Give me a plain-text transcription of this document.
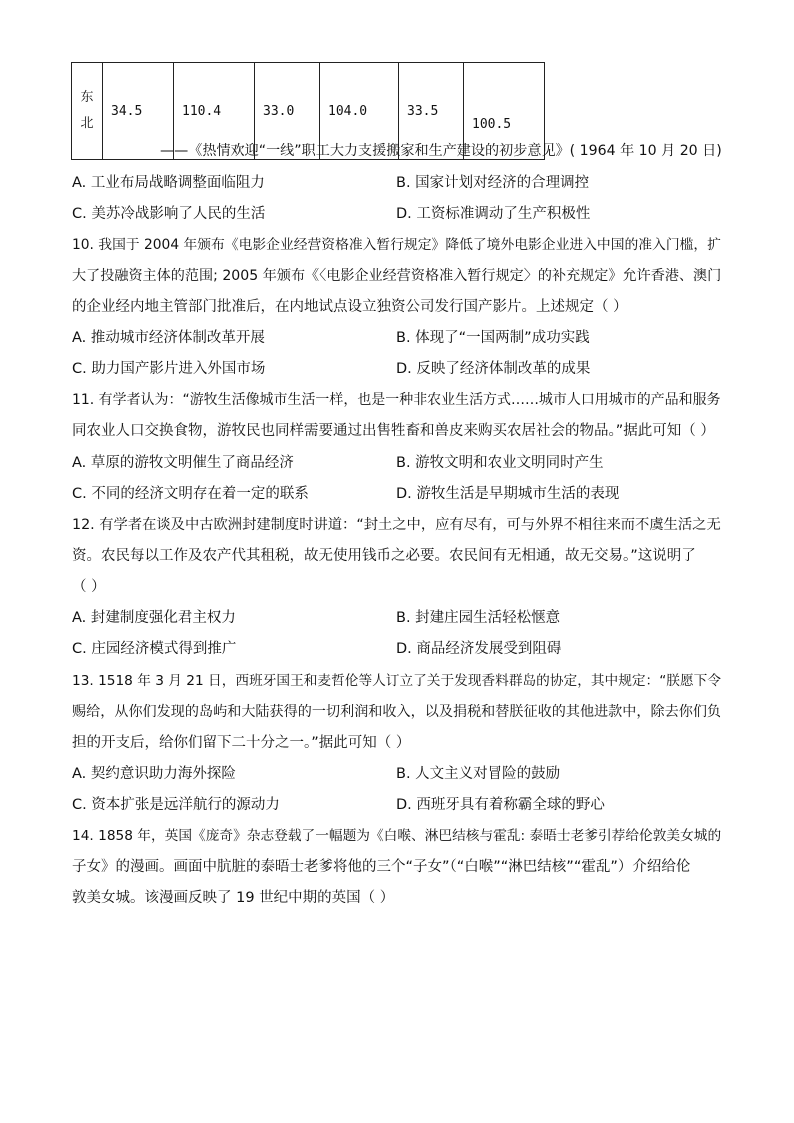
东
北	34.5	110.4	33.0	104.0	33.5	100.5
——《热情欢迎“一线”职工大力支援搬家和生产建设的初步意见》( 1964 年 10 月 20 日)
A. 工业布局战略调整面临阻力	B. 国家计划对经济的合理调控
C. 美苏冷战影响了人民的生活	D. 工资标准调动了生产积极性
10. 我国于 2004 年颁布《电影企业经营资格准入暂行规定》降低了境外电影企业进入中国的准入门槛，扩
大了投融资主体的范围; 2005 年颁布《〈电影企业经营资格准入暂行规定〉的补充规定》允许香港、澳门
的企业经内地主管部门批准后，在内地试点设立独资公司发行国产影片。上述规定（ ）
A. 推动城市经济体制改革开展	B. 体现了“一国两制”成功实践
C. 助力国产影片进入外国市场	D. 反映了经济体制改革的成果
11. 有学者认为：“游牧生活像城市生活一样，也是一种非农业生活方式……城市人口用城市的产品和服务
同农业人口交换食物，游牧民也同样需要通过出售牲畜和兽皮来购买农居社会的物品。”据此可知（ ）
A. 草原的游牧文明催生了商品经济	B. 游牧文明和农业文明同时产生
C. 不同的经济文明存在着一定的联系	D. 游牧生活是早期城市生活的表现
12. 有学者在谈及中古欧洲封建制度时讲道：“封土之中，应有尽有，可与外界不相往来而不虞生活之无
资。农民每以工作及农产代其租税，故无使用钱币之必要。农民间有无相通，故无交易。”这说明了
（ ）
A. 封建制度强化君主权力	B. 封建庄园生活轻松惬意
C. 庄园经济模式得到推广	D. 商品经济发展受到阻碍
13. 1518 年 3 月 21 日，西班牙国王和麦哲伦等人订立了关于发现香料群岛的协定，其中规定：“朕愿下令
赐给，从你们发现的岛屿和大陆获得的一切利润和收入，以及捐税和替朕征收的其他进款中，除去你们负
担的开支后，给你们留下二十分之一。”据此可知（ ）
A. 契约意识助力海外探险	B. 人文主义对冒险的鼓励
C. 资本扩张是远洋航行的源动力	D. 西班牙具有着称霸全球的野心
14. 1858 年，英国《庞奇》杂志登载了一幅题为《白喉、淋巴结核与霍乱: 泰晤士老爹引荐给伦敦美女城的
子女》的漫画。画面中肮脏的泰晤士老爹将他的三个“子女”（“白喉”“淋巴结核”“霍乱”）介绍给伦
敦美女城。该漫画反映了 19 世纪中期的英国（ ）
